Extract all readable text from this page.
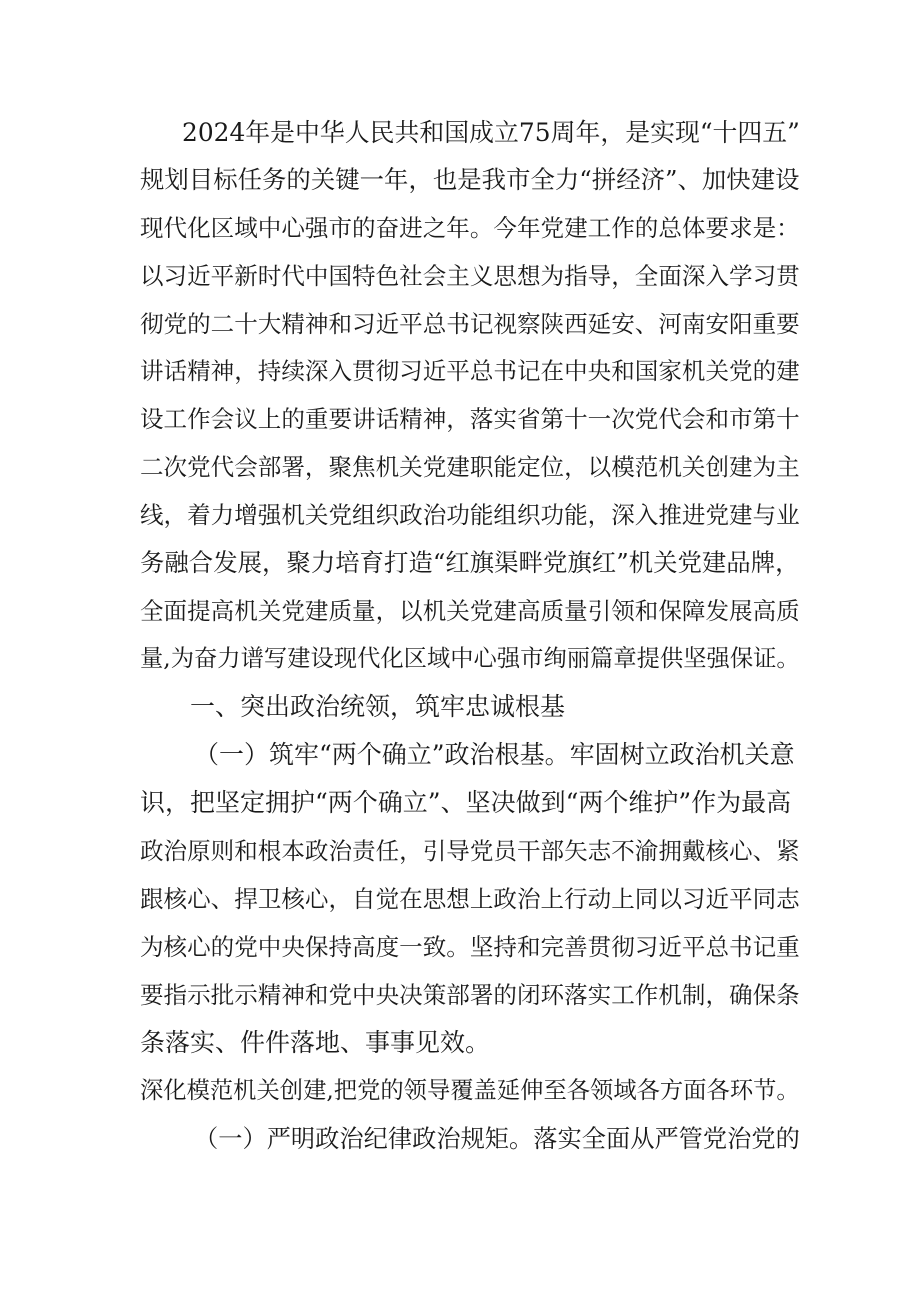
2024年是中华人民共和国成立75周年，是实现“十四五”
规划目标任务的关键一年，也是我市全力“拼经济”、加快建设
现代化区域中心强市的奋进之年。今年党建工作的总体要求是：
以习近平新时代中国特色社会主义思想为指导，全面深入学习贯
彻党的二十大精神和习近平总书记视察陕西延安、河南安阳重要
讲话精神，持续深入贯彻习近平总书记在中央和国家机关党的建
设工作会议上的重要讲话精神，落实省第十一次党代会和市第十
二次党代会部署，聚焦机关党建职能定位，以模范机关创建为主
线，着力增强机关党组织政治功能组织功能，深入推进党建与业
务融合发展，聚力培育打造“红旗渠畔党旗红”机关党建品牌，
全面提高机关党建质量，以机关党建高质量引领和保障发展高质
量,为奋力谱写建设现代化区域中心强市绚丽篇章提供坚强保证。
一、突出政治统领，筑牢忠诚根基
（一）筑牢“两个确立”政治根基。牢固树立政治机关意
识，把坚定拥护“两个确立”、坚决做到“两个维护”作为最高
政治原则和根本政治责任，引导党员干部矢志不渝拥戴核心、紧
跟核心、捍卫核心，自觉在思想上政治上行动上同以习近平同志
为核心的党中央保持高度一致。坚持和完善贯彻习近平总书记重
要指示批示精神和党中央决策部署的闭环落实工作机制，确保条
条落实、件件落地、事事见效。
深化模范机关创建,把党的领导覆盖延伸至各领域各方面各环节。
（一）严明政治纪律政治规矩。落实全面从严管党治党的
